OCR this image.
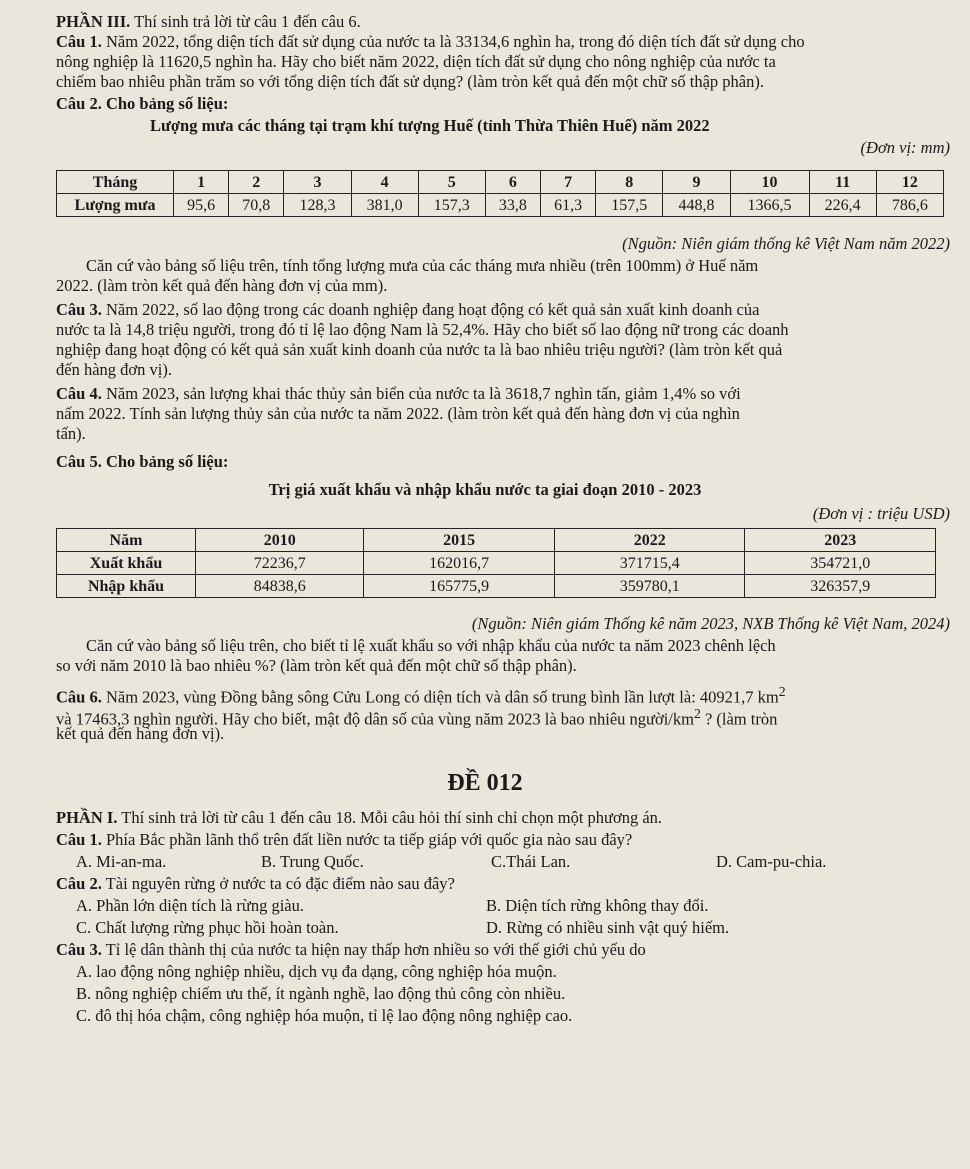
PHẦN III. Thí sinh trả lời từ câu 1 đến câu 6.
Câu 1. Năm 2022, tổng diện tích đất sử dụng của nước ta là 33134,6 nghìn ha, trong đó diện tích đất sử dụng cho
nông nghiệp là 11620,5 nghìn ha. Hãy cho biết năm 2022, diện tích đất sử dụng cho nông nghiệp của nước ta
chiếm bao nhiêu phần trăm so với tổng diện tích đất sử dụng? (làm tròn kết quả đến một chữ số thập phân).
Câu 2. Cho bảng số liệu:
Lượng mưa các tháng tại trạm khí tượng Huế (tỉnh Thừa Thiên Huế) năm 2022
(Đơn vị: mm)
Tháng	1	2	3	4	5	6	7	8	9	10	11	12
Lượng mưa	95,6	70,8	128,3	381,0	157,3	33,8	61,3	157,5	448,8	1366,5	226,4	786,6
(Nguồn: Niên giám thống kê Việt Nam năm 2022)
Căn cứ vào bảng số liệu trên, tính tổng lượng mưa của các tháng mưa nhiều (trên 100mm) ở Huế năm
2022. (làm tròn kết quả đến hàng đơn vị của mm).
Câu 3. Năm 2022, số lao động trong các doanh nghiệp đang hoạt động có kết quả sản xuất kinh doanh của
nước ta là 14,8 triệu người, trong đó tỉ lệ lao động Nam là 52,4%. Hãy cho biết số lao động nữ trong các doanh
nghiệp đang hoạt động có kết quả sản xuất kinh doanh của nước ta là bao nhiêu triệu người? (làm tròn kết quả
đến hàng đơn vị).
Câu 4. Năm 2023, sản lượng khai thác thủy sản biển của nước ta là 3618,7 nghìn tấn, giảm 1,4% so với
nấm 2022. Tính sản lượng thủy sản của nước ta năm 2022. (làm tròn kết quả đến hàng đơn vị của nghìn
tấn).
Câu 5. Cho bảng số liệu:
Trị giá xuất khẩu và nhập khẩu nước ta giai đoạn 2010 - 2023
(Đơn vị : triệu USD)
Năm	2010	2015	2022	2023
Xuất khẩu	72236,7	162016,7	371715,4	354721,0
Nhập khẩu	84838,6	165775,9	359780,1	326357,9
(Nguồn: Niên giám Thống kê năm 2023, NXB Thống kê Việt Nam, 2024)
Căn cứ vào bảng số liệu trên, cho biết tỉ lệ xuất khẩu so với nhập khẩu của nước ta năm 2023 chênh lệch
so với năm 2010 là bao nhiêu %? (làm tròn kết quả đến một chữ số thập phân).
Câu 6. Năm 2023, vùng Đồng bằng sông Cửu Long có diện tích và dân số trung bình lần lượt là: 40921,7 $km^2$
và 17463,3 nghìn người. Hãy cho biết, mật độ dân số của vùng năm 2023 là bao nhiêu người/$km^2$ ? (làm tròn
kết quả đến hàng đơn vị).
ĐỀ 012
PHẦN I. Thí sinh trả lời từ câu 1 đến câu 18. Mỗi câu hỏi thí sinh chỉ chọn một phương án.
Câu 1. Phía Bắc phần lãnh thổ trên đất liền nước ta tiếp giáp với quốc gia nào sau đây?
A. Mi-an-ma.	B. Trung Quốc.	C.Thái Lan.	D. Cam-pu-chia.
Câu 2. Tài nguyên rừng ở nước ta có đặc điểm nào sau đây?
A. Phần lớn diện tích là rừng giàu.	B. Diện tích rừng không thay đổi.
C. Chất lượng rừng phục hồi hoàn toàn.	D. Rừng có nhiều sinh vật quý hiếm.
Câu 3. Tỉ lệ dân thành thị của nước ta hiện nay thấp hơn nhiều so với thế giới chủ yếu do
A. lao động nông nghiệp nhiều, dịch vụ đa dạng, công nghiệp hóa muộn.
B. nông nghiệp chiếm ưu thế, ít ngành nghề, lao động thủ công còn nhiều.
C. đô thị hóa chậm, công nghiệp hóa muộn, tỉ lệ lao động nông nghiệp cao.
